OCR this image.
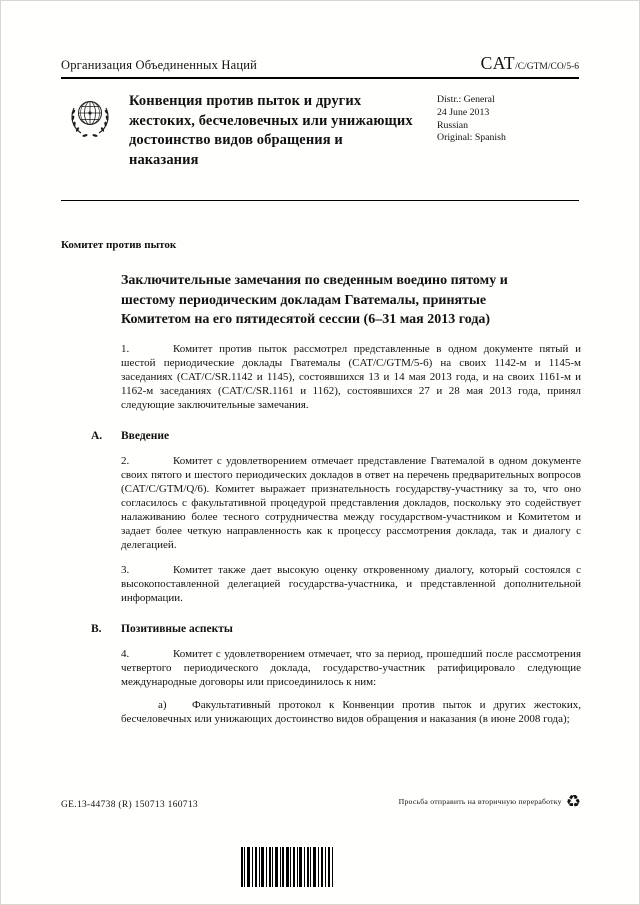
Организация Объединенных Наций	CAT/C/GTM/CO/5-6
Конвенция против пыток и других жестоких, бесчеловечных или унижающих достоинство видов обращения и наказания
Distr.: General
24 June 2013
Russian
Original: Spanish
Комитет против пыток
Заключительные замечания по сведенным воедино пятому и шестому периодическим докладам Гватемалы, принятые Комитетом на его пятидесятой сессии (6–31 мая 2013 года)

1.	Комитет против пыток рассмотрел представленные в одном документе пятый и шестой периодические доклады Гватемалы (CAT/C/GTM/5-6) на своих 1142-м и 1145-м заседаниях (CAT/C/SR.1142 и 1145), состоявшихся 13 и 14 мая 2013 года, и на своих 1161-м и 1162-м заседаниях (CAT/C/SR.1161 и 1162), состоявшихся 27 и 28 мая 2013 года, принял следующие заключительные замечания.

A. Введение

2.	Комитет с удовлетворением отмечает представление Гватемалой в одном документе своих пятого и шестого периодических докладов в ответ на перечень предварительных вопросов (CAT/C/GTM/Q/6). Комитет выражает признательность государству-участнику за то, что оно согласилось с факультативной процедурой представления докладов, поскольку это содействует налаживанию более тесного сотрудничества между государством-участником и Комитетом и задает более четкую направленность как к процессу рассмотрения доклада, так и диалогу с делегацией.

3.	Комитет также дает высокую оценку откровенному диалогу, который состоялся с высокопоставленной делегацией государства-участника, и представленной дополнительной информации.

B. Позитивные аспекты

4.	Комитет с удовлетворением отмечает, что за период, прошедший после рассмотрения четвертого периодического доклада, государство-участник ратифицировало следующие международные договоры или присоединилось к ним:

a) Факультативный протокол к Конвенции против пыток и других жестоких, бесчеловечных или унижающих достоинство видов обращения и наказания (в июне 2008 года);

GE.13-44738 (R) 150713 160713	Просьба отправить на вторичную переработку ♻
